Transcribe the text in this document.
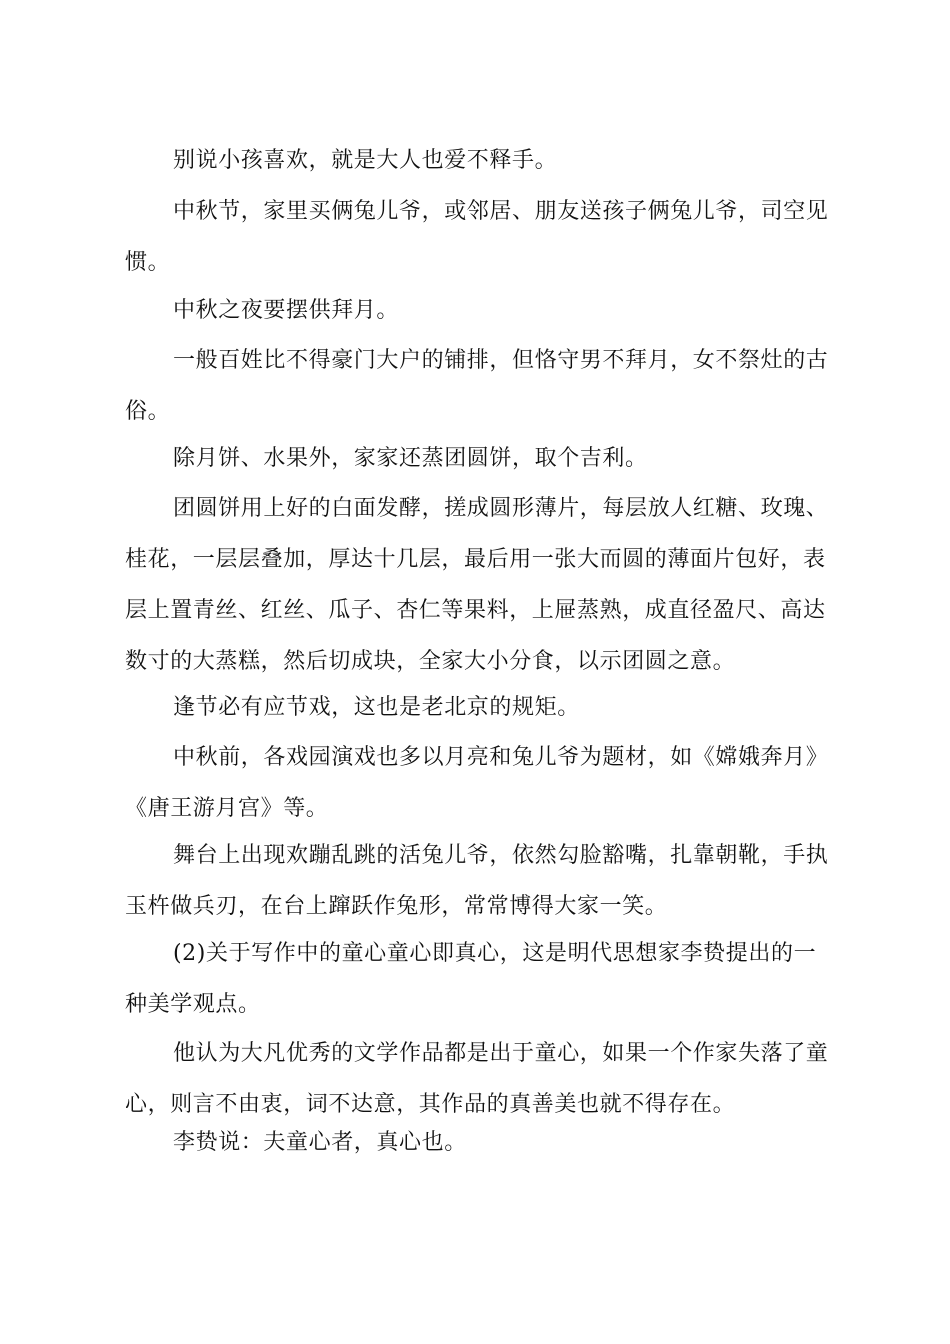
别说小孩喜欢，就是大人也爱不释手。

中秋节，家里买俩兔儿爷，或邻居、朋友送孩子俩兔儿爷，司空见惯。

中秋之夜要摆供拜月。

一般百姓比不得豪门大户的铺排，但恪守男不拜月，女不祭灶的古俗。

除月饼、水果外，家家还蒸团圆饼，取个吉利。

团圆饼用上好的白面发酵，搓成圆形薄片，每层放人红糖、玫瑰、桂花，一层层叠加，厚达十几层，最后用一张大而圆的薄面片包好，表层上置青丝、红丝、瓜子、杏仁等果料，上屉蒸熟，成直径盈尺、高达数寸的大蒸糕，然后切成块，全家大小分食，以示团圆之意。

逢节必有应节戏，这也是老北京的规矩。

中秋前，各戏园演戏也多以月亮和兔儿爷为题材，如《嫦娥奔月》《唐王游月宫》等。

舞台上出现欢蹦乱跳的活兔儿爷，依然勾脸豁嘴，扎靠朝靴，手执玉杵做兵刃，在台上蹿跃作兔形，常常博得大家一笑。

(2)关于写作中的童心童心即真心，这是明代思想家李贽提出的一种美学观点。

他认为大凡优秀的文学作品都是出于童心，如果一个作家失落了童心，则言不由衷，词不达意，其作品的真善美也就不得存在。

李贽说：夫童心者，真心也。
